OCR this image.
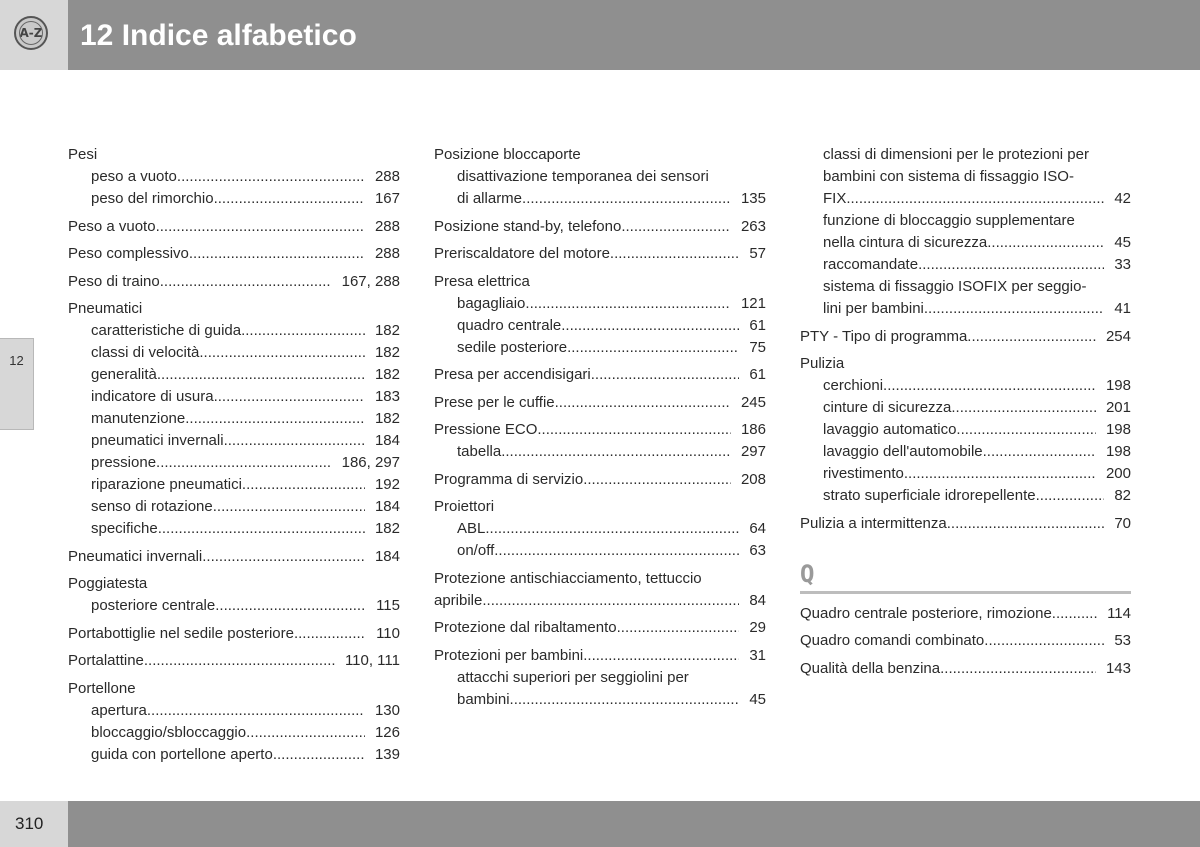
A-Z 12 Indice alfabetico
12
310
Pesi
peso a vuoto .....	288
peso del rimorchio .....	167
Peso a vuoto .....	288
Peso complessivo .....	288
Peso di traino .....	167, 288
Pneumatici
caratteristiche di guida .....	182
classi di velocità .....	182
generalità .....	182
indicatore di usura .....	183
manutenzione .....	182
pneumatici invernali .....	184
pressione .....	186, 297
riparazione pneumatici .....	192
senso di rotazione .....	184
specifiche .....	182
Pneumatici invernali .....	184
Poggiatesta
posteriore centrale .....	115
Portabottiglie nel sedile posteriore .....	110
Portalattine .....	110, 111
Portellone
apertura .....	130
bloccaggio/sbloccaggio .....	126
guida con portellone aperto .....	139
Posizione bloccaporte
disattivazione temporanea dei sensori
di allarme .....	135
Posizione stand-by, telefono .....	263
Preriscaldatore del motore .....	57
Presa elettrica
bagagliaio .....	121
quadro centrale .....	61
sedile posteriore .....	75
Presa per accendisigari .....	61
Prese per le cuffie .....	245
Pressione ECO .....	186
tabella .....	297
Programma di servizio .....	208
Proiettori
ABL .....	64
on/off .....	63
Protezione antischiacciamento, tettuccio
apribile .....	84
Protezione dal ribaltamento .....	29
Protezioni per bambini .....	31
attacchi superiori per seggiolini per
bambini .....	45
classi di dimensioni per le protezioni per
bambini con sistema di fissaggio ISO-
FIX .....	42
funzione di bloccaggio supplementare
nella cintura di sicurezza .....	45
raccomandate .....	33
sistema di fissaggio ISOFIX per seggio-
lini per bambini .....	41
PTY - Tipo di programma .....	254
Pulizia
cerchioni .....	198
cinture di sicurezza .....	201
lavaggio automatico .....	198
lavaggio dell'automobile .....	198
rivestimento .....	200
strato superficiale idrorepellente .....	82
Pulizia a intermittenza .....	70
Q
Quadro centrale posteriore, rimozione .....	114
Quadro comandi combinato .....	53
Qualità della benzina .....	143
